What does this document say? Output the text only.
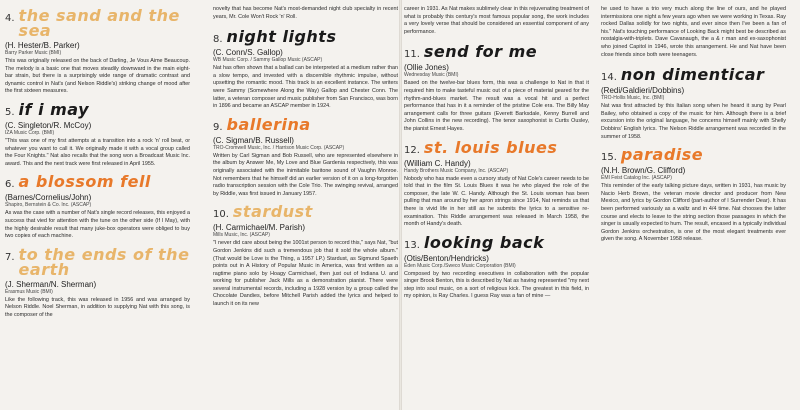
4. the sand and the sea

(H. Hester/B. Parker)

Barry Parker Music (BMI)

This was originally released on the back of Darling, Je Vous Aime Beaucoup. The melody is a basic one that moves steadily downward in the main eight-bar strain, but there is a surprisingly wide range of dramatic contrast and dynamic control in Nat's (and Nelson Riddle's) striking change of mood after the first sixteen measures.

5. if i may

(C. Singleton/R. McCoy)

IZA Music Corp. (BMI)

"This was one of my first attempts at a transition into a rock 'n' roll beat, or whatever you want to call it. We originally made it with a vocal group called the Four Knights." Nat also recalls that the song won a Broadcast Music Inc. award. This and the next track were first released in April 1955.

6. a blossom fell

(Barnes/Cornelius/John)

Shapiro, Bernstein & Co. Inc. (ASCAP)

As was the case with a number of Nat's single record releases, this enjoyed a success that vied for attention with the tune on the other side (If I May), with the highly desirable result that many juke-box operators were obliged to buy two copies of each machine.

7. to the ends of the earth

(J. Sherman/N. Sherman)

Erasmus Music (BMI)

Like the following track, this was released in 1956 and was arranged by Nelson Riddle. Noel Sherman, in addition to supplying Nat with this song, is the composer of the

novelty that has become Nat's most-demanded night club specialty in recent years, Mr. Cole Won't Rock 'n' Roll.

8. night lights

(C. Conn/S. Gallop)

WB Music Corp. / Sammy Gallop Music (ASCAP)

Nat has often shown that a ballad can be interpreted at a medium rather than a slow tempo, and invested with a discernible rhythmic impulse, without upsetting the romantic mood. This track is an excellent instance. The writers were Sammy (Somewhere Along the Way) Gallop and Chester Conn. The latter, a veteran composer and music publisher from San Francisco, was born in 1896 and became an ASCAP member in 1924.

9. ballerina

(C. Sigman/B. Russell)

TRO-Cromwell Music, Inc. / Harrison Music Corp. (ASCAP)

Written by Carl Sigman and Bob Russell, who are represented elsewhere in the album by Answer Me, My Love and Blue Gardenia respectively, this was originally associated with the inimitable baritone sound of Vaughn Monroe. Not remembers that he himself did an earlier version of it on a long-forgotten radio transcription session with the Cole Trio. The swinging revival, arranged by Riddle, was first issued in January 1957.

10. stardust

(H. Carmichael/M. Parish)

Mills Music, Inc. (ASCAP)

"I never did care about being the 1001st person to record this," says Nat, "but Gordon Jenkins did such a tremendous job that it sold the whole album." (That would be Love is the Thing, a 1957 LP.) Stardust, as Sigmund Spaeth points out in A History of Popular Music in America, was first written as a ragtime piano solo by Hoagy Carmichael, then just out of Indiana U. and working for publisher Jack Mills as a demonstration pianist. There were several instrumental records, including a 1928 version by a group called the Chocolate Dandies, before Mitchell Parish added the lyrics and helped to launch it on its new

career in 1931. As Nat makes sublimely clear in this rejuvenating treatment of what is probably this century's most famous popular song, the work includes a very lovely verse that should be considered an essential component of any performance.

11. send for me

(Ollie Jones)

Wednesday Music (BMI)

Based on the twelve-bar blues form, this was a challenge to Nat in that it required him to make tasteful music out of a piece of material geared for the rhythm-and-blues market. The result was a vocal hit and a perfect performance that has in it a reminder of the pristine Cole era. The Billy May arrangement calls for three guitars (Everett Barksdale, Kenny Burrell and John Collins in the new recording). The tenor saxophonist is Curtis Ousley, the pianist Ernest Hayes.

12. st. louis blues

(William C. Handy)

Handy Brothers Music Company, Inc. (ASCAP)

Nobody who has made even a cursory study of Nat Cole's career needs to be told that in the film St. Louis Blues it was he who played the role of the composer, the late W. C. Handy. Although the St. Louis woman has been pulling that man around by her apron strings since 1914, Nat reminds us that there is vivid life in her still as he submits the lyrics to a sensitive re-examination. This Riddle arrangement was released in March 1958, the month of Handy's death.

13. looking back

(Otis/Benton/Hendricks)

Eden Music Corp./Sweco Music Corporation (BMI)

Composed by two recording executives in collaboration with the popular singer Brook Benton, this is described by Nat as having represented "my next step into soul music, on a sort of religious kick. The greatest in this field, in my opinion, is Ray Charles. I guess Ray was a fan of mine —

he used to have a trio very much along the line of ours, and he played intermissions one night a few years ago when we were working in Texas. Ray rocked Dallas solidly for two nights, and ever since then I've been a fan of his." Nat's touching performance of Looking Back might best be described as nostalgia-with-triplets. Dave Cavanaugh, the a & r man and ex-saxophonist who joined Capitol in 1946, wrote this arrangement. He and Nat have been close friends since both were teenagers.

14. non dimenticar

(Redi/Galdieri/Dobbins)

TRO-Hollis Music, Inc. (BMI)

Nat was first attracted by this Italian song when he heard it sung by Pearl Bailey, who obtained a copy of the music for him. Although there is a brief excursion into the original language, he concerns himself mainly with Shelly Dobbins' English lyrics. The Nelson Riddle arrangement was recorded in the summer of 1958.

15. paradise

(N.H. Brown/G. Clifford)

EMI Feist Catalog Inc. (ASCAP)

This reminder of the early talking picture days, written in 1931, has music by Nacio Herb Brown, the veteran movie director and producer from New Mexico, and lyrics by Gordon Clifford (part-author of I Surrender Dear). It has been performed variously as a waltz and in 4/4 time. Nat chooses the latter course and elects to leave to the string section those passages in which the singer is usually expected to hum. The result, encased in a typically individual Gordon Jenkins orchestration, is one of the most elegant treatments ever given the song. A November 1958 release.
